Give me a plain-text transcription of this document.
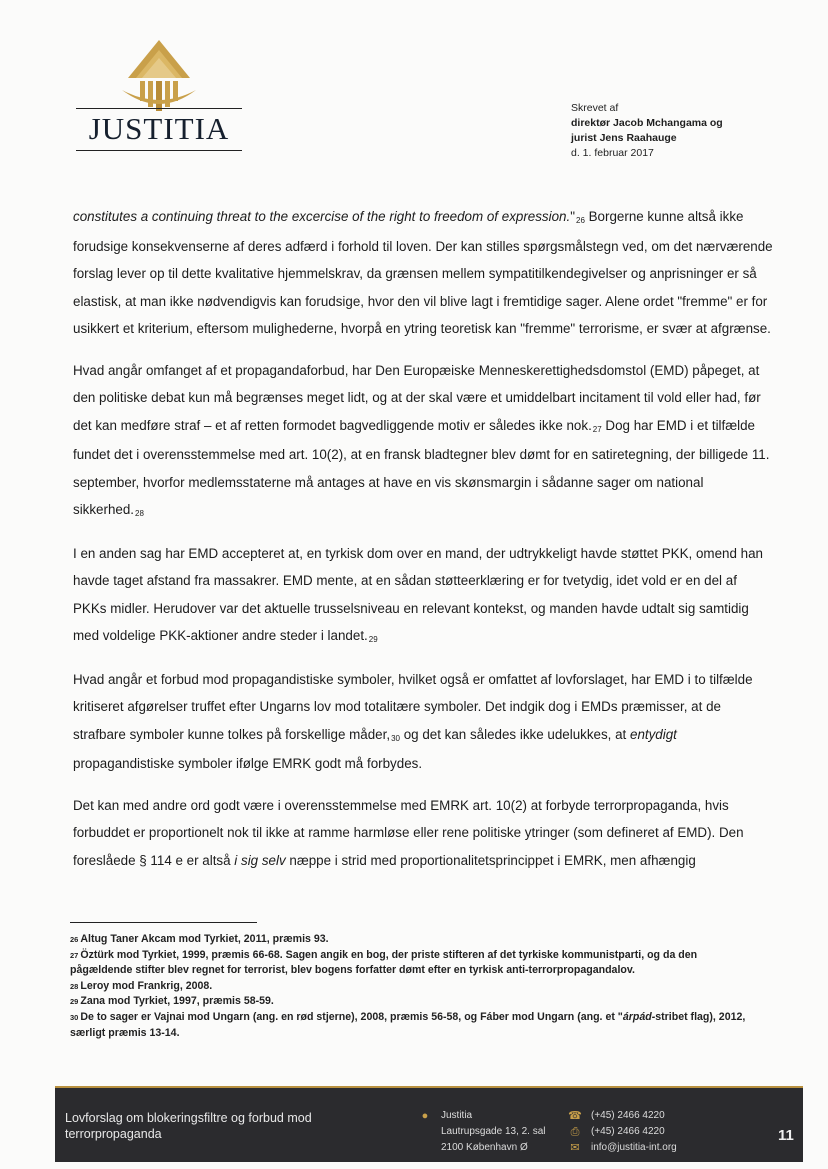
JUSTITIA
Skrevet af
direktør Jacob Mchangama og
jurist Jens Raahauge
d. 1. februar 2017

constitutes a continuing threat to the excercise of the right to freedom of expression."$^{26}$ Borgerne kunne altså ikke forudsige konsekvenserne af deres adfærd i forhold til loven. Der kan stilles spørgsmålstegn ved, om det nærværende forslag lever op til dette kvalitative hjemmelskrav, da grænsen mellem sympatitilkendegivelser og anprisninger er så elastisk, at man ikke nødvendigvis kan forudsige, hvor den vil blive lagt i fremtidige sager. Alene ordet "fremme" er for usikkert et kriterium, eftersom mulighederne, hvorpå en ytring teoretisk kan "fremme" terrorisme, er svær at afgrænse.

Hvad angår omfanget af et propagandaforbud, har Den Europæiske Menneskerettighedsdomstol (EMD) påpeget, at den politiske debat kun må begrænses meget lidt, og at der skal være et umiddelbart incitament til vold eller had, før det kan medføre straf – et af retten formodet bagvedliggende motiv er således ikke nok.$^{27}$ Dog har EMD i et tilfælde fundet det i overensstemmelse med art. 10(2), at en fransk bladtegner blev dømt for en satiretegning, der billigede 11. september, hvorfor medlemsstaterne må antages at have en vis skønsmargin i sådanne sager om national sikkerhed.$^{28}$

I en anden sag har EMD accepteret at, en tyrkisk dom over en mand, der udtrykkeligt havde støttet PKK, omend han havde taget afstand fra massakrer. EMD mente, at en sådan støtteerklæring er for tvetydig, idet vold er en del af PKKs midler. Herudover var det aktuelle trusselsniveau en relevant kontekst, og manden havde udtalt sig samtidig med voldelige PKK-aktioner andre steder i landet.$^{29}$

Hvad angår et forbud mod propagandistiske symboler, hvilket også er omfattet af lovforslaget, har EMD i to tilfælde kritiseret afgørelser truffet efter Ungarns lov mod totalitære symboler. Det indgik dog i EMDs præmisser, at de strafbare symboler kunne tolkes på forskellige måder,$^{30}$ og det kan således ikke udelukkes, at entydigt propagandistiske symboler ifølge EMRK godt må forbydes.

Det kan med andre ord godt være i overensstemmelse med EMRK art. 10(2) at forbyde terrorpropaganda, hvis forbuddet er proportionelt nok til ikke at ramme harmløse eller rene politiske ytringer (som defineret af EMD). Den foreslåede § 114 e er altså i sig selv næppe i strid med proportionalitetsprincippet i EMRK, men afhængig

26 Altug Taner Akcam mod Tyrkiet, 2011, præmis 93.
27 Öztürk mod Tyrkiet, 1999, præmis 66-68. Sagen angik en bog, der priste stifteren af det tyrkiske kommunistparti, og da den pågældende stifter blev regnet for terrorist, blev bogens forfatter dømt efter en tyrkisk anti-terrorpropagandalov.
28 Leroy mod Frankrig, 2008.
29 Zana mod Tyrkiet, 1997, præmis 58-59.
30 De to sager er Vajnai mod Ungarn (ang. en rød stjerne), 2008, præmis 56-58, og Fáber mod Ungarn (ang. et "árpád-stribet flag), 2012, særligt præmis 13-14.
Lovforslag om blokeringsfiltre og forbud mod
terrorpropaganda
●	Justitia
Lautrupsgade 13, 2. sal
2100 København Ø
☎ (+45) 2466 4220
⎙	(+45) 2466 4220
✉	info@justitia-int.org
11
